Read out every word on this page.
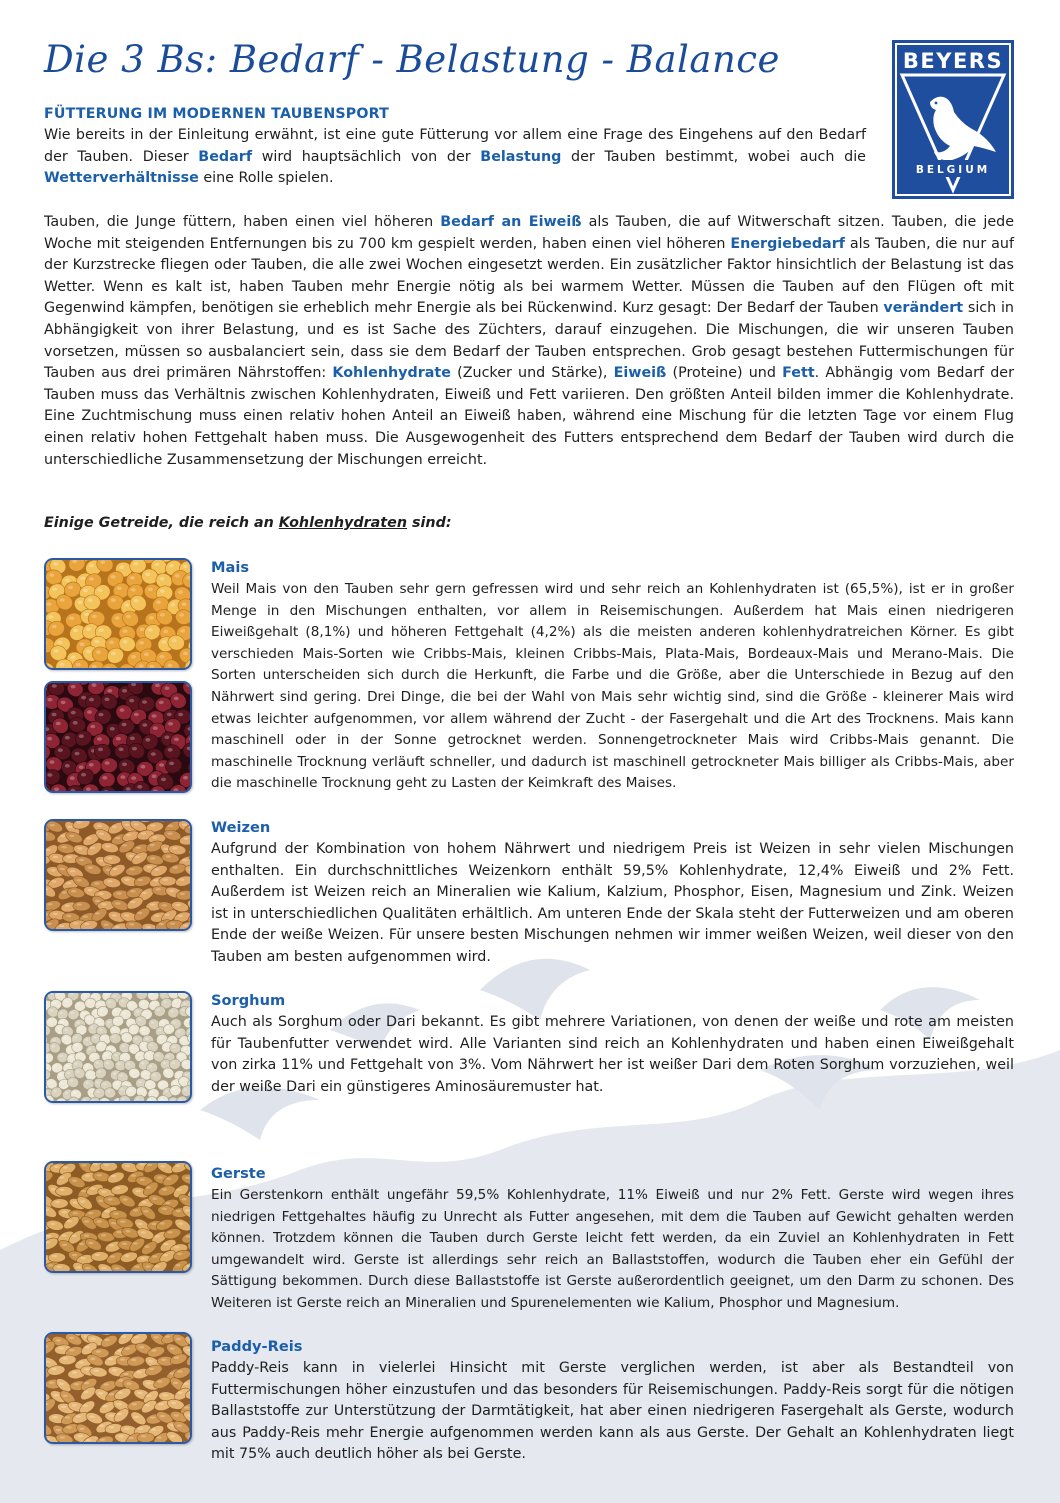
Die 3 Bs: Bedarf - Belastung - Balance	BEYERS
BELGIUM
FÜTTERUNG IM MODERNEN TAUBENSPORT

Wie bereits in der Einleitung erwähnt, ist eine gute Fütterung vor allem eine Frage des Eingehens auf den Bedarf der Tauben. Dieser Bedarf wird hauptsächlich von der Belastung der Tauben bestimmt, wobei auch die Wetterverhältnisse eine Rolle spielen.

Tauben, die Junge füttern, haben einen viel höheren Bedarf an Eiweiß als Tauben, die auf Witwerschaft sitzen. Tauben, die jede Woche mit steigenden Entfernungen bis zu 700 km gespielt werden, haben einen viel höheren Energiebedarf als Tauben, die nur auf der Kurzstrecke fliegen oder Tauben, die alle zwei Wochen eingesetzt werden. Ein zusätzlicher Faktor hinsichtlich der Belastung ist das Wetter. Wenn es kalt ist, haben Tauben mehr Energie nötig als bei warmem Wetter. Müssen die Tauben auf den Flügen oft mit Gegenwind kämpfen, benötigen sie erheblich mehr Energie als bei Rückenwind. Kurz gesagt: Der Bedarf der Tauben verändert sich in Abhängigkeit von ihrer Belastung, und es ist Sache des Züchters, darauf einzugehen. Die Mischungen, die wir unseren Tauben vorsetzen, müssen so ausbalanciert sein, dass sie dem Bedarf der Tauben entsprechen. Grob gesagt bestehen Futtermischungen für Tauben aus drei primären Nährstoffen: Kohlenhydrate (Zucker und Stärke), Eiweiß (Proteine) und Fett. Abhängig vom Bedarf der Tauben muss das Verhältnis zwischen Kohlenhydraten, Eiweiß und Fett variieren. Den größten Anteil bilden immer die Kohlenhydrate. Eine Zuchtmischung muss einen relativ hohen Anteil an Eiweiß haben, während eine Mischung für die letzten Tage vor einem Flug einen relativ hohen Fettgehalt haben muss. Die Ausgewogenheit des Futters entsprechend dem Bedarf der Tauben wird durch die unterschiedliche Zusammensetzung der Mischungen erreicht.

Einige Getreide, die reich an Kohlenhydraten sind:

Mais

Weil Mais von den Tauben sehr gern gefressen wird und sehr reich an Kohlenhydraten ist (65,5%), ist er in großer Menge in den Mischungen enthalten, vor allem in Reisemischungen. Außerdem hat Mais einen niedrigeren Eiweißgehalt (8,1%) und höheren Fettgehalt (4,2%) als die meisten anderen kohlenhydratreichen Körner. Es gibt verschieden Mais-Sorten wie Cribbs-Mais, kleinen Cribbs-Mais, Plata-Mais, Bordeaux-Mais und Merano-Mais. Die Sorten unterscheiden sich durch die Herkunft, die Farbe und die Größe, aber die Unterschiede in Bezug auf den Nährwert sind gering. Drei Dinge, die bei der Wahl von Mais sehr wichtig sind, sind die Größe - kleinerer Mais wird etwas leichter aufgenommen, vor allem während der Zucht - der Fasergehalt und die Art des Trocknens. Mais kann maschinell oder in der Sonne getrocknet werden. Sonnengetrockneter Mais wird Cribbs-Mais genannt. Die maschinelle Trocknung verläuft schneller, und dadurch ist maschinell getrockneter Mais billiger als Cribbs-Mais, aber die maschinelle Trocknung geht zu Lasten der Keimkraft des Maises.

Weizen

Aufgrund der Kombination von hohem Nährwert und niedrigem Preis ist Weizen in sehr vielen Mischungen enthalten. Ein durchschnittliches Weizenkorn enthält 59,5% Kohlenhydrate, 12,4% Eiweiß und 2% Fett. Außerdem ist Weizen reich an Mineralien wie Kalium, Kalzium, Phosphor, Eisen, Magnesium und Zink. Weizen ist in unterschiedlichen Qualitäten erhältlich. Am unteren Ende der Skala steht der Futterweizen und am oberen Ende der weiße Weizen. Für unsere besten Mischungen nehmen wir immer weißen Weizen, weil dieser von den Tauben am besten aufgenommen wird.

Sorghum

Auch als Sorghum oder Dari bekannt. Es gibt mehrere Variationen, von denen der weiße und rote am meisten für Taubenfutter verwendet wird. Alle Varianten sind reich an Kohlenhydraten und haben einen Eiweißgehalt von zirka 11% und Fettgehalt von 3%. Vom Nährwert her ist weißer Dari dem Roten Sorghum vorzuziehen, weil der weiße Dari ein günstigeres Aminosäuremuster hat.

Gerste

Ein Gerstenkorn enthält ungefähr 59,5% Kohlenhydrate, 11% Eiweiß und nur 2% Fett. Gerste wird wegen ihres niedrigen Fettgehaltes häufig zu Unrecht als Futter angesehen, mit dem die Tauben auf Gewicht gehalten werden können. Trotzdem können die Tauben durch Gerste leicht fett werden, da ein Zuviel an Kohlenhydraten in Fett umgewandelt wird. Gerste ist allerdings sehr reich an Ballaststoffen, wodurch die Tauben eher ein Gefühl der Sättigung bekommen. Durch diese Ballaststoffe ist Gerste außerordentlich geeignet, um den Darm zu schonen. Des Weiteren ist Gerste reich an Mineralien und Spurenelementen wie Kalium, Phosphor und Magnesium.

Paddy-Reis

Paddy-Reis kann in vielerlei Hinsicht mit Gerste verglichen werden, ist aber als Bestandteil von Futtermischungen höher einzustufen und das besonders für Reisemischungen. Paddy-Reis sorgt für die nötigen Ballaststoffe zur Unterstützung der Darmtätigkeit, hat aber einen niedrigeren Fasergehalt als Gerste, wodurch aus Paddy-Reis mehr Energie aufgenommen werden kann als aus Gerste. Der Gehalt an Kohlenhydraten liegt mit 75% auch deutlich höher als bei Gerste.
